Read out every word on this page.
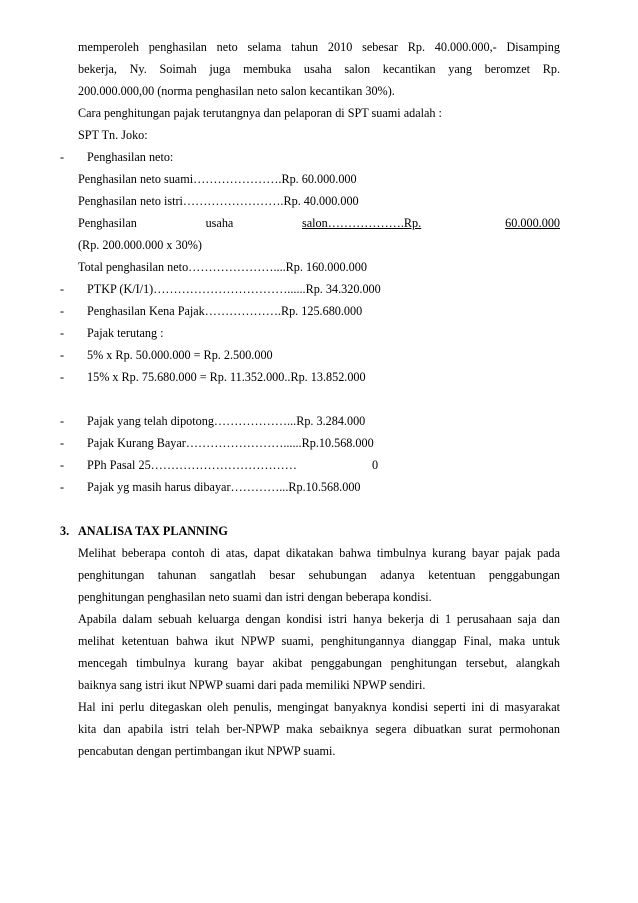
memperoleh penghasilan neto selama tahun 2010 sebesar Rp. 40.000.000,- Disamping
bekerja, Ny. Soimah juga membuka usaha salon kecantikan yang beromzet Rp.
200.000.000,00 (norma penghasilan neto salon kecantikan 30%).
Cara penghitungan pajak terutangnya dan pelaporan di SPT suami adalah :
SPT Tn. Joko:
-	Penghasilan neto:
Penghasilan neto suami………………….Rp. 60.000.000
Penghasilan neto istri…………………….Rp. 40.000.000
Penghasilan	usaha	salon……………….Rp.	60.000.000
(Rp. 200.000.000 x 30%)
Total penghasilan neto…………………....Rp. 160.000.000
-	PTKP (K/I/1)……………………………......Rp. 34.320.000
-	Penghasilan Kena Pajak……………….Rp. 125.680.000
-	Pajak terutang :
-	5% x Rp. 50.000.000 = Rp. 2.500.000
-	15% x Rp. 75.680.000 = Rp. 11.352.000..Rp. 13.852.000
-	Pajak yang telah dipotong………………...Rp. 3.284.000
-	Pajak Kurang Bayar……………………......Rp.10.568.000
-	PPh Pasal 25………………………………	0
-	Pajak yg masih harus dibayar…………...Rp.10.568.000
3. ANALISA TAX PLANNING
Melihat beberapa contoh di atas, dapat dikatakan bahwa timbulnya kurang bayar pajak pada
penghitungan tahunan sangatlah besar sehubungan adanya ketentuan penggabungan
penghitungan penghasilan neto suami dan istri dengan beberapa kondisi.
Apabila dalam sebuah keluarga dengan kondisi istri hanya bekerja di 1 perusahaan saja dan
melihat ketentuan bahwa ikut NPWP suami, penghitungannya dianggap Final, maka untuk
mencegah timbulnya kurang bayar akibat penggabungan penghitungan tersebut, alangkah
baiknya sang istri ikut NPWP suami dari pada memiliki NPWP sendiri.
Hal ini perlu ditegaskan oleh penulis, mengingat banyaknya kondisi seperti ini di masyarakat
kita dan apabila istri telah ber-NPWP maka sebaiknya segera dibuatkan surat permohonan
pencabutan dengan pertimbangan ikut NPWP suami.
